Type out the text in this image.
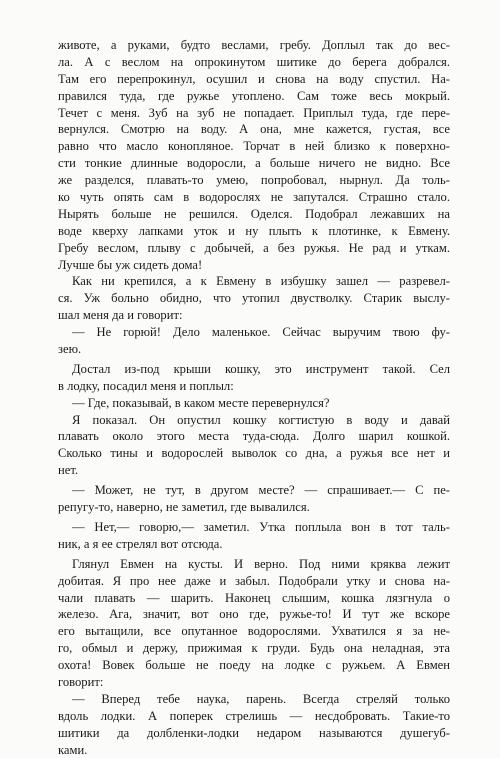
животе, а руками, будто веслами, гребу. Доплыл так до вес-
ла. А с веслом на опрокинутом шитике до берега добрался.
Там его перепрокинул, осушил и снова на воду спустил. На-
правился туда, где ружье утоплено. Сам тоже весь мокрый.
Течет с меня. Зуб на зуб не попадает. Приплыл туда, где пере-
вернулся. Смотрю на воду. А она, мне кажется, густая, все
равно что масло конопляное. Торчат в ней близко к поверхно-
сти тонкие длинные водоросли, а больше ничего не видно. Все
же разделся, плавать-то умею, попробовал, нырнул. Да толь-
ко чуть опять сам в водорослях не запутался. Страшно стало.
Нырять больше не решился. Оделся. Подобрал лежавших на
воде кверху лапками уток и ну плыть к плотинке, к Евмену.
Гребу веслом, плыву с добычей, а без ружья. Не рад и уткам.
Лучше бы уж сидеть дома!
Как ни крепился, а к Евмену в избушку зашел — разревел-
ся. Уж больно обидно, что утопил двустволку. Старик выслу-
шал меня да и говорит:
— Не горюй! Дело маленькое. Сейчас выручим твою фу-
зею.
Достал из-под крыши кошку, это инструмент такой. Сел
в лодку, посадил меня и поплыл:
— Где, показывай, в каком месте перевернулся?
Я показал. Он опустил кошку когтистую в воду и давай
плавать около этого места туда-сюда. Долго шарил кошкой.
Сколько тины и водорослей выволок со дна, а ружья все нет и
нет.
— Может, не тут, в другом месте? — спрашивает.— С пе-
репугу-то, наверно, не заметил, где вывалился.
— Нет,— говорю,— заметил. Утка поплыла вон в тот таль-
ник, а я ее стрелял вот отсюда.
Глянул Евмен на кусты. И верно. Под ними кряква лежит
добитая. Я про нее даже и забыл. Подобрали утку и снова на-
чали плавать — шарить. Наконец слышим, кошка лязгнула о
железо. Ага, значит, вот оно где, ружье-то! И тут же вскоре
его вытащили, все опутанное водорослями. Ухватился я за не-
го, обмыл и держу, прижимая к груди. Будь она неладная, эта
охота! Вовек больше не поеду на лодке с ружьем. А Евмен
говорит:
— Вперед тебе наука, парень. Всегда стреляй только
вдоль лодки. А поперек стрелишь — несдобровать. Такие-то
шитики да долбленки-лодки недаром называются душегуб-
ками.
